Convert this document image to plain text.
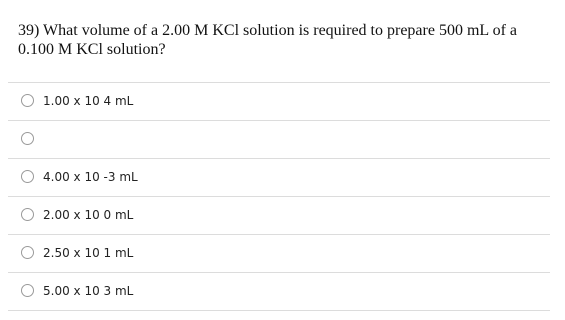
39) What volume of a 2.00 M KCl solution is required to prepare 500 mL of a 0.100 M KCl solution?
1.00 x 10 4 mL
4.00 x 10 -3 mL
2.00 x 10 0 mL
2.50 x 10 1 mL
5.00 x 10 3 mL
